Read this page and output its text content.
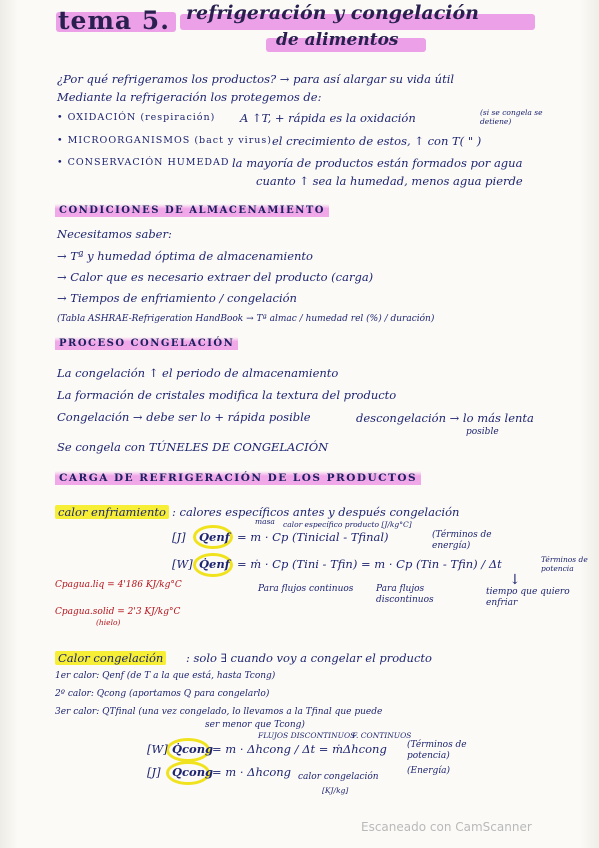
tema 5. refrigeración y congelación
de alimentos
¿Por qué refrigeramos los productos? → para así alargar su vida útil
Mediante la refrigeración los protegemos de:
• OXIDACIÓN (respiración) A ↑T, + rápida es la oxidación	(si se congela se detiene)
• MICROORGANISMOS (bact y virus) el crecimiento de estos, ↑ con T( " )
• CONSERVACIÓN HUMEDAD la mayoría de productos están formados por agua
cuanto ↑ sea la humedad, menos agua pierde
CONDICIONES DE ALMACENAMIENTO
Necesitamos saber:
→ Tª y humedad óptima de almacenamiento
→ Calor que es necesario extraer del producto (carga)
→ Tiempos de enfriamiento / congelación
(Tabla ASHRAE-Refrigeration HandBook → Tª almac / humedad rel (%) / duración)
PROCESO CONGELACIÓN
La congelación ↑ el periodo de almacenamiento
La formación de cristales modifica la textura del producto
Congelación → debe ser lo + rápida posible	descongelación → lo más lenta
posible
Se congela con TÚNELES DE CONGELACIÓN
CARGA DE REFRIGERACIÓN DE LOS PRODUCTOS
calor enfriamiento : calores específicos antes y después congelación
masa calor específico producto [J/kg°C]
[J] Qenf = m · Cp (Tinicial - Tfinal)	(Términos de energía)
[W] Q̇enf = ṁ · Cp (Tini - Tfin) = m · Cp (Tin - Tfin) / Δt	Términos de potencia
Para flujos continuos	Para flujos discontinuos
↓
tiempo que quiero enfriar
Cpagua.liq = 4'186 KJ/kg°C
Cpagua.solid = 2'3 KJ/kg°C
(hielo)
Calor congelación : solo ∃ cuando voy a congelar el producto
1er calor: Qenf (de T a la que está, hasta Tcong)
2º calor: Qcong (aportamos Q para congelarlo)
3er calor: QTfinal (una vez congelado, lo llevamos a la Tfinal que puede
ser menor que Tcong)
FLUJOS DISCONTINUOS
F. CONTINUOS
[W] Q̇cong
= m · Δhcong / Δt = ṁΔhcong (Términos de potencia)
[J] Qcong
= m · Δhcong calor congelación
[KJ/kg]
(Energía)
Escaneado con CamScanner
